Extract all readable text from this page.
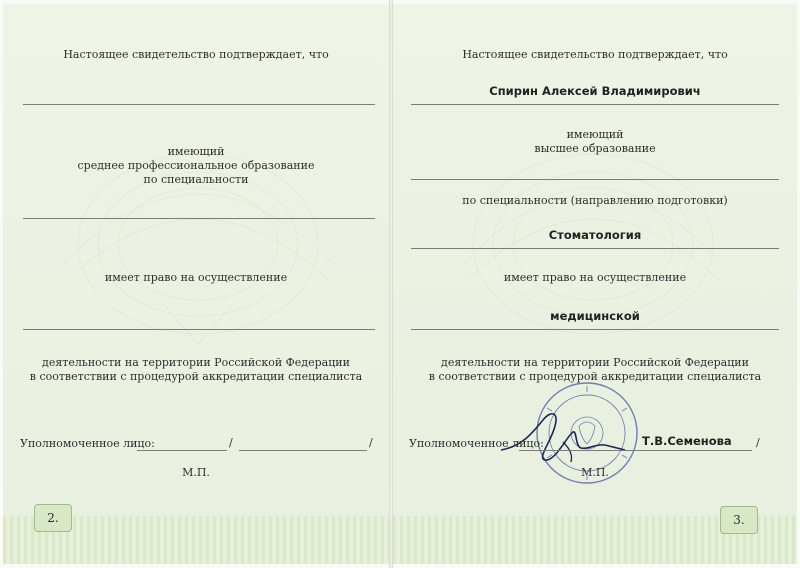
Настоящее свидетельство подтверждает, что
имеющий
среднее профессиональное образование
по специальности
имеет право на осуществление
деятельности на территории Российской Федерации
в соответствии с процедурой аккредитации специалиста
Уполномоченное лицо:	/	/
М.П.
2.
Настоящее свидетельство подтверждает, что
Спирин Алексей Владимирович
имеющий
высшее образование
по специальности (направлению подготовки)
Стоматология
имеет право на осуществление
медицинской
деятельности на территории Российской Федерации
в соответствии с процедурой аккредитации специалиста
Уполномоченное лицо:	Т.В.Семенова /
М.П.
3.
